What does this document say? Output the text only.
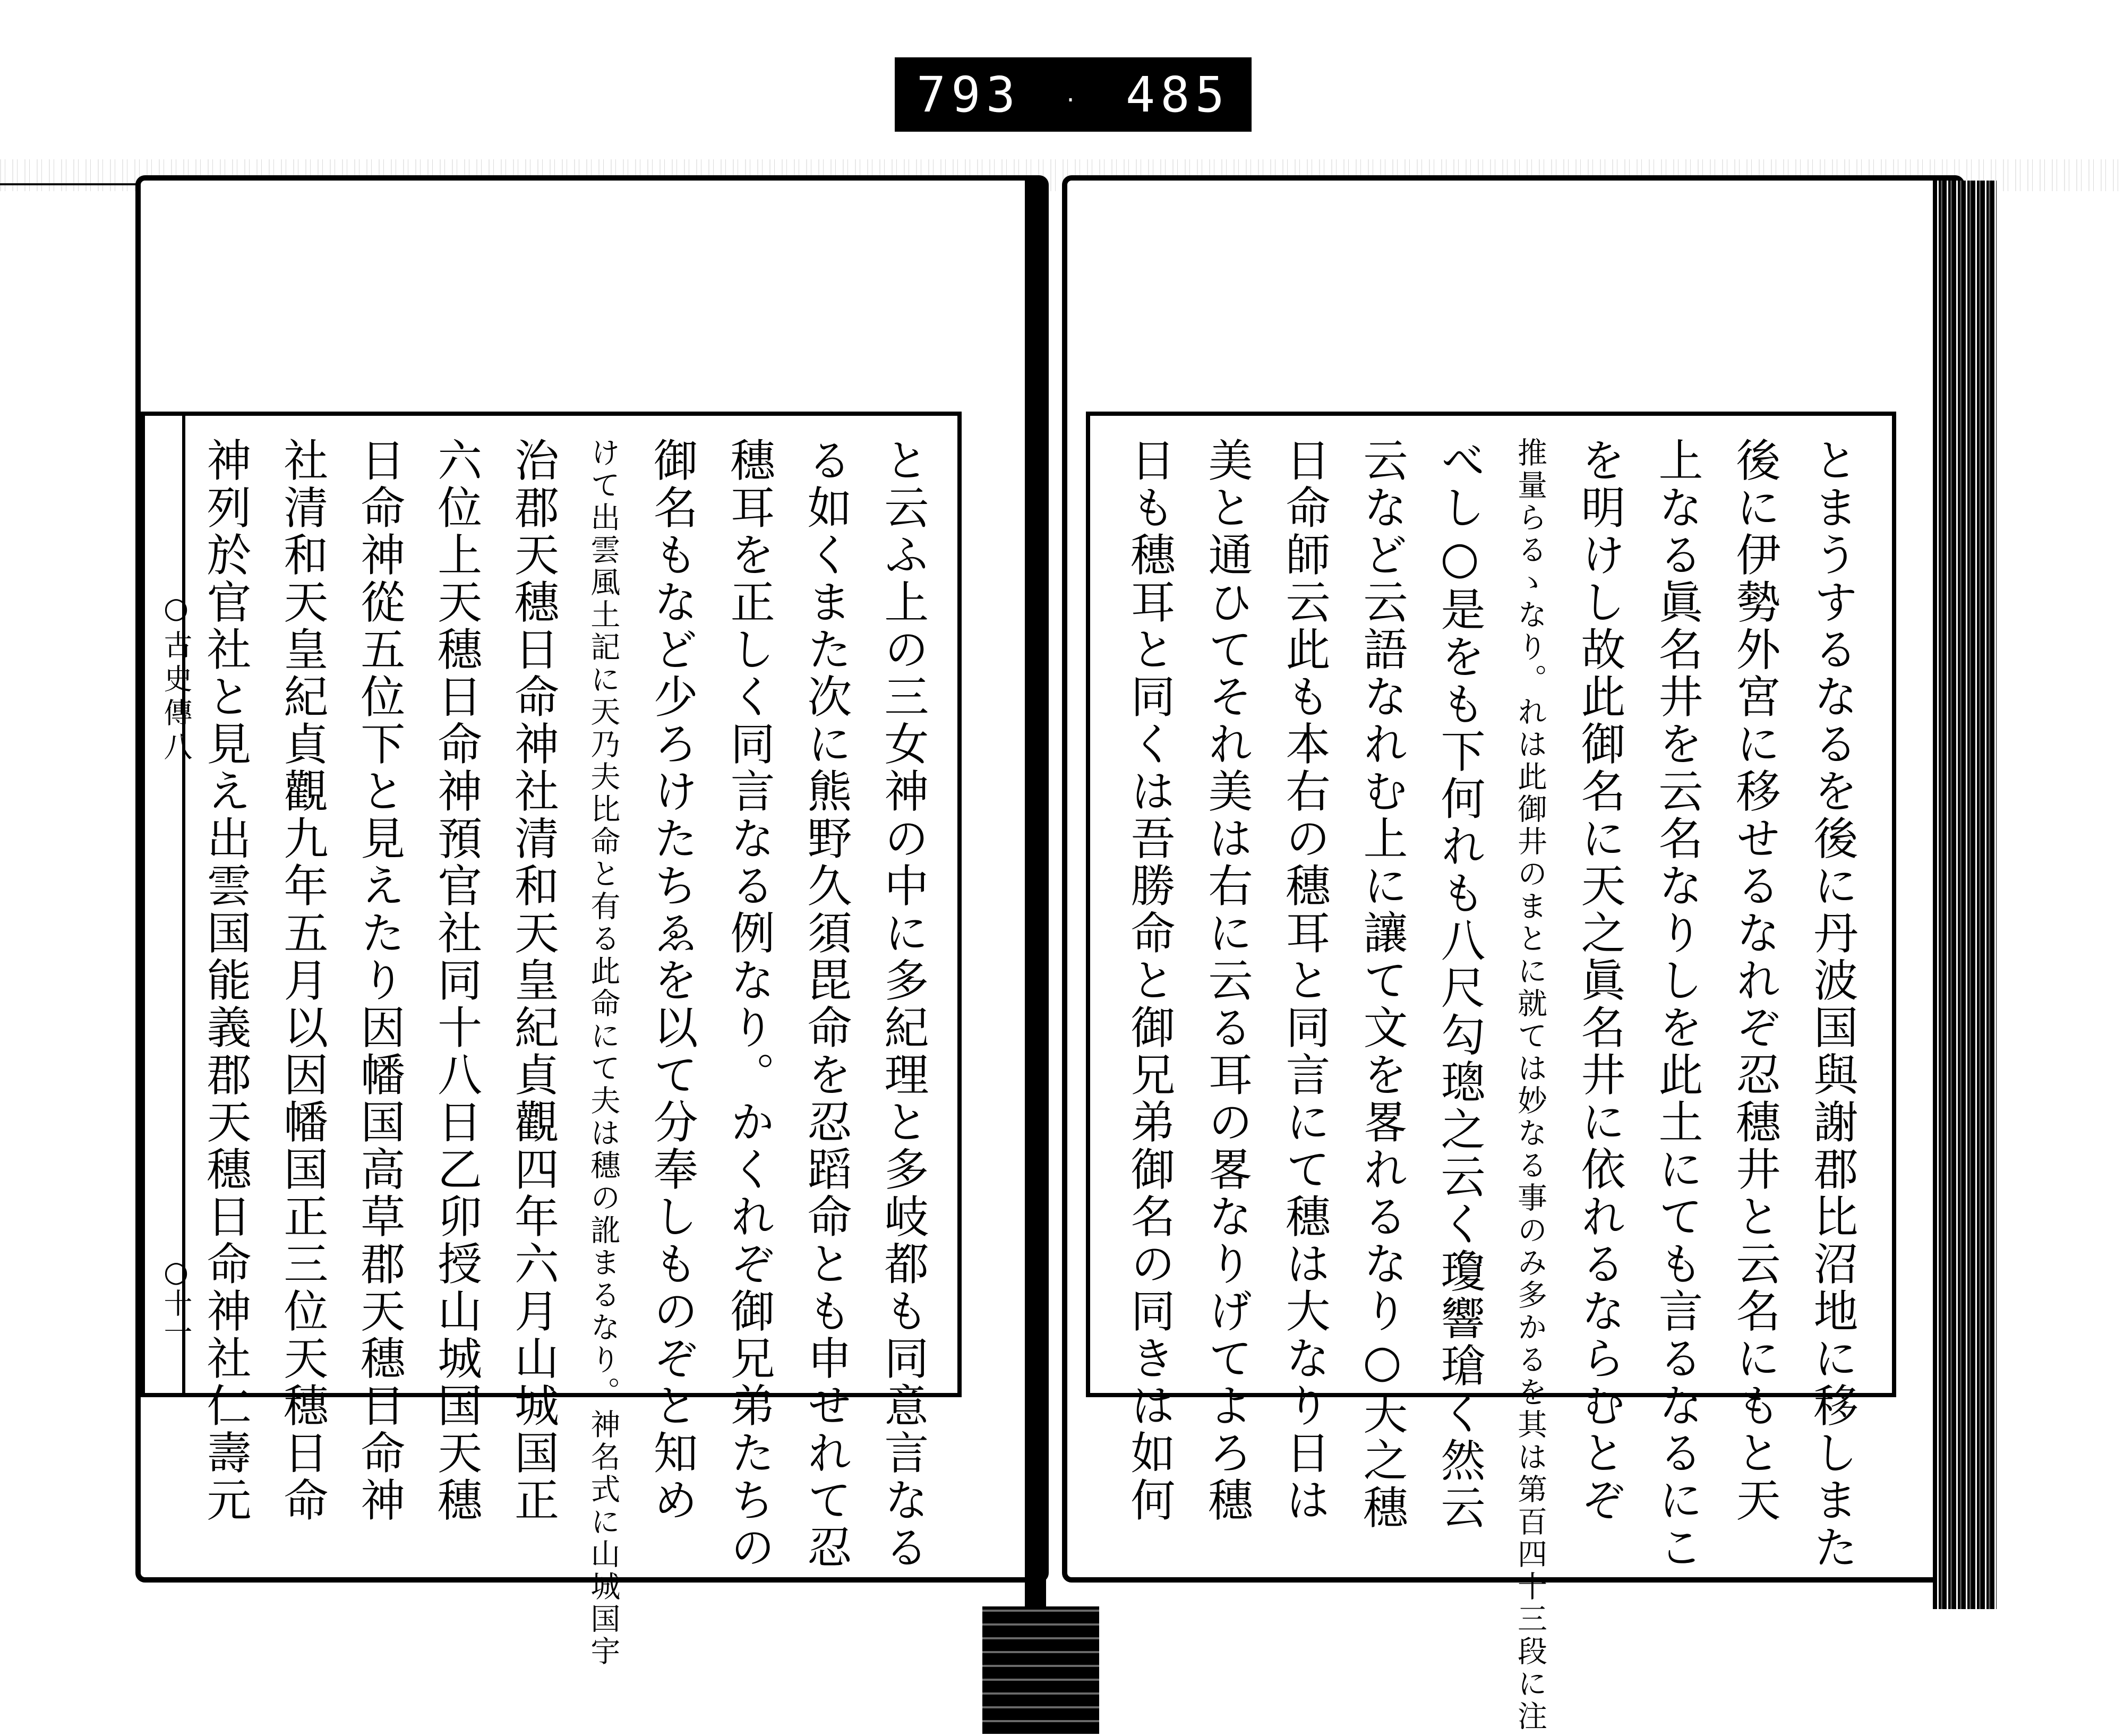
793 . 485
○古史傳八
○十一	と云ふ上の三女神の中に多紀理と多岐都も同意言なる
る如くまた次に熊野久須毘命を忍蹈命とも申せれて忍
穗耳を正しく同言なる例なり。かくれぞ御兄弟たちの
御名もなど少ろけたちゑを以て分奉しものぞと知め
けて出雲風土記に天乃夫比命と有る此命にて夫は穗の訛まるなり。神名式に山城国宇
治郡天穗日命神社清和天皇紀貞觀四年六月山城国正
六位上天穗日命神預官社同十八日乙卯授山城国天穗
日命神從五位下と見えたり因幡国高草郡天穗日命神
社清和天皇紀貞觀九年五月以因幡国正三位天穗日命
神列於官社と見え出雲国能義郡天穗日命神社仁壽元	とまうするなるを後に丹波国與謝郡比沼地に移しまた
後に伊勢外宮に移せるなれぞ忍穗井と云名にもと天
上なる眞名井を云名なりしを此土にても言るなるにこ
を明けし故此御名に天之眞名井に依れるならむとぞ
推量らるゝなり。れは此御井のまとに就ては妙なる事のみ多かるを其は第百四十三段に注
べし○是をも下何れも八尺勾璁之云く瓊響瑲く然云
云など云語なれむ上に讓て文を畧れるなり○天之穗
日命師云此も本右の穗耳と同言にて穗は大なり日は
美と通ひてそれ美は右に云る耳の畧なりげてよろ穗
日も穗耳と同くは吾勝命と御兄弟御名の同きは如何
